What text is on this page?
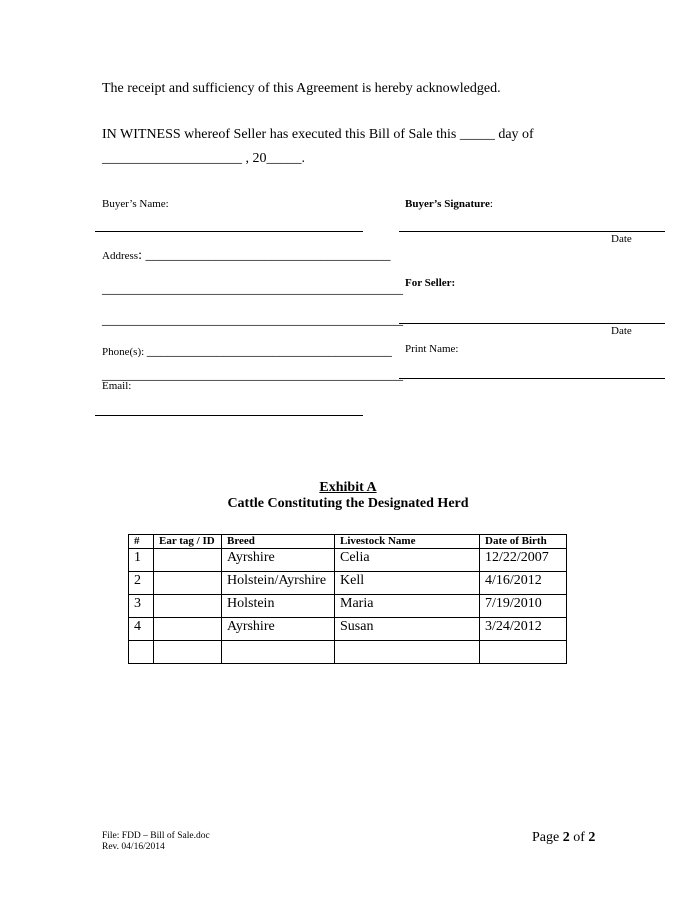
The receipt and sufficiency of this Agreement is hereby acknowledged.
IN WITNESS whereof Seller has executed this Bill of Sale this _____ day of
____________________ , 20_____.
Buyer’s Name:
Address: ___________________________________
___________________________________________
___________________________________________
Phone(s): ___________________________________
___________________________________________
Email:
Buyer’s Signature:
Date
For Seller:
Date
Print Name:
Exhibit A
Cattle Constituting the Designated Herd
#	Ear tag / ID	Breed	Livestock Name	Date of Birth
1		Ayrshire	Celia	12/22/2007
2		Holstein/Ayrshire	Kell	4/16/2012
3		Holstein	Maria	7/19/2010
4		Ayrshire	Susan	3/24/2012

File: FDD – Bill of Sale.doc
Rev. 04/16/2014
Page 2 of 2
